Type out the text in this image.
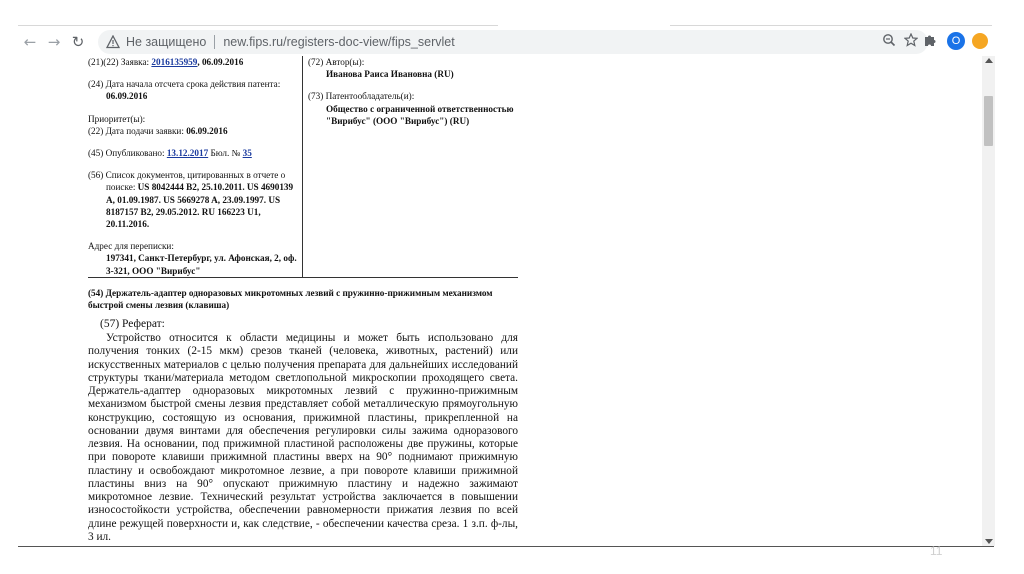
← → ↻	Не защищено new.fips.ru/registers-doc-view/fips_servlet	O
(21)(22) Заявка: 2016135959, 06.09.2016
(24) Дата начала отсчета срока действия патента:
06.09.2016
Приоритет(ы):
(22) Дата подачи заявки: 06.09.2016
(45) Опубликовано: 13.12.2017 Бюл. № 35
(56) Список документов, цитированных в отчете о поиске: US 8042444 B2, 25.10.2011. US 4690139 A, 01.09.1987. US 5669278 A, 23.09.1997. US 8187157 B2, 29.05.2012. RU 166223 U1, 20.11.2016.
Адрес для переписки:
197341, Санкт-Петербург, ул. Афонская, 2, оф. 3-321, ООО "Вирибус"
(72) Автор(ы):
Иванова Раиса Ивановна (RU)
(73) Патентообладатель(и):
Общество с ограниченной ответственностью "Вирибус" (ООО "Вирибус") (RU)
(54) Держатель-адаптер одноразовых микротомных лезвий с пружинно-прижимным механизмом быстрой смены лезвия (клавиша)
(57) Реферат:
Устройство относится к области медицины и может быть использовано для получения тонких (2-15 мкм) срезов тканей (человека, животных, растений) или искусственных материалов с целью получения препарата для дальнейших исследований структуры ткани/материала методом светлопольной микроскопии проходящего света. Держатель-адаптер одноразовых микротомных лезвий с пружинно-прижимным механизмом быстрой смены лезвия представляет собой металлическую прямоугольную конструкцию, состоящую из основания, прижимной пластины, прикрепленной на основании двумя винтами для обеспечения регулировки силы зажима одноразового лезвия. На основании, под прижимной пластиной расположены две пружины, которые при повороте клавиши прижимной пластины вверх на 90° поднимают прижимную пластину и освобождают микротомное лезвие, а при повороте клавиши прижимной пластины вниз на 90° опускают прижимную пластину и надежно зажимают микротомное лезвие. Технический результат устройства заключается в повышении износостойкости устройства, обеспечении равномерности прижатия лезвия по всей длине режущей поверхности и, как следствие, - обеспечении качества среза. 1 з.п. ф-лы, 3 ил.
11
